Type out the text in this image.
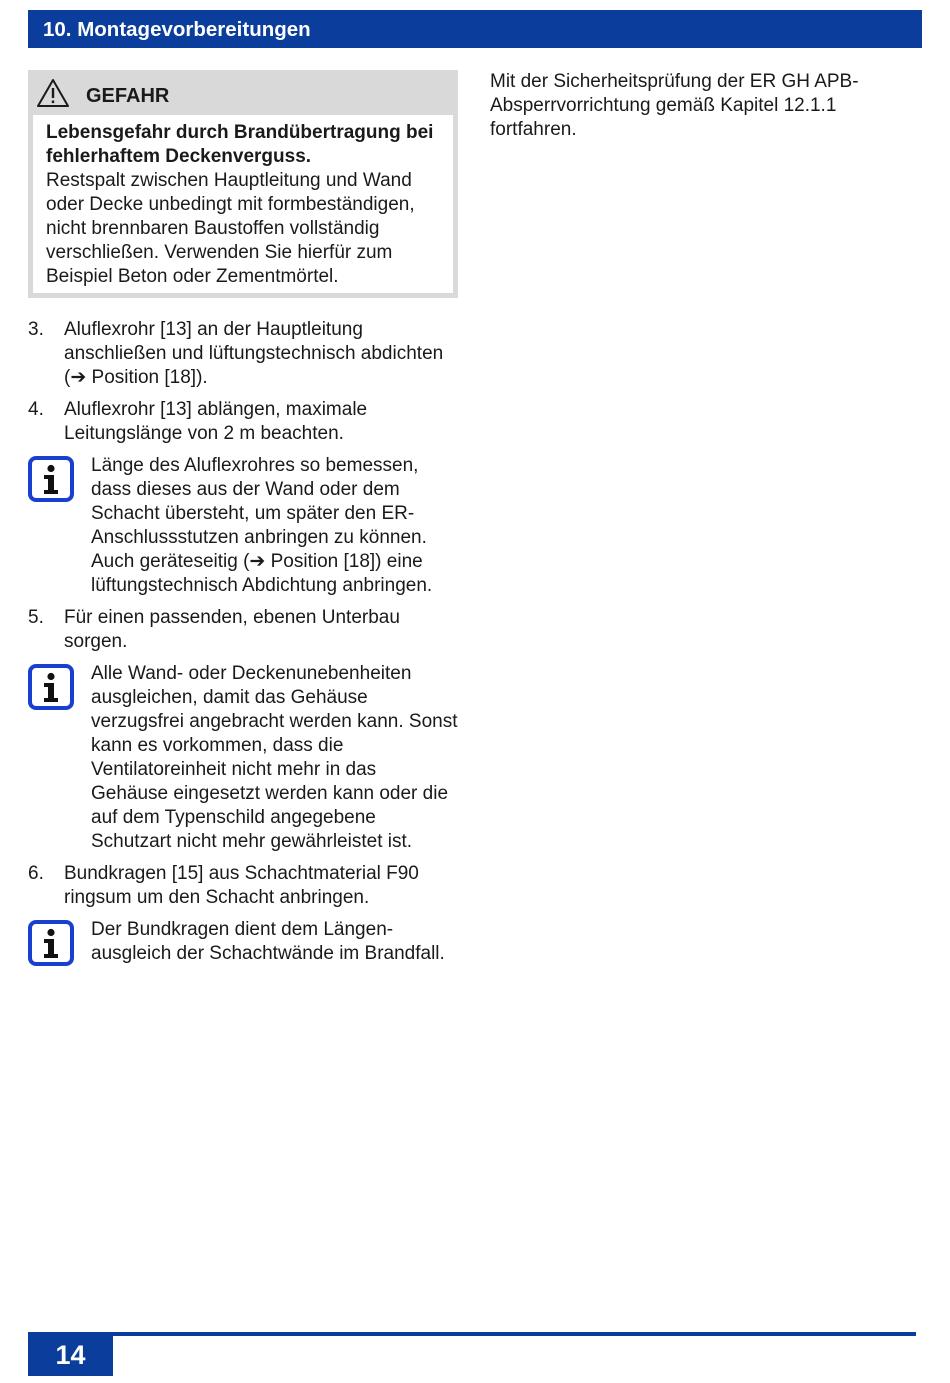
10. Montagevorbereitungen
GEFAHR
Lebensgefahr durch Brandübertragung bei fehlerhaftem Deckenverguss.
Restspalt zwischen Hauptleitung und Wand oder Decke unbedingt mit formbeständigen, nicht brennbaren Baustoffen vollständig verschließen. Verwenden Sie hierfür zum Beispiel Beton oder Zementmörtel.
3. Aluflexrohr [13] an der Hauptleitung anschließen und lüftungstechnisch abdichten (➔ Position [18]).
4. Aluflexrohr [13] ablängen, maximale Leitungslänge von 2 m beachten.
Länge des Aluflexrohres so bemessen, dass dieses aus der Wand oder dem Schacht übersteht, um später den ER-Anschlussstutzen anbringen zu können. Auch geräteseitig (➔ Position [18]) eine lüftungstechnisch Abdichtung anbringen.
5. Für einen passenden, ebenen Unterbau sorgen.
Alle Wand- oder Deckenunebenheiten ausgleichen, damit das Gehäuse verzugsfrei angebracht werden kann. Sonst kann es vorkommen, dass die Ventilatoreinheit nicht mehr in das Gehäuse eingesetzt werden kann oder die auf dem Typenschild angegebene Schutzart nicht mehr gewährleistet ist.
6. Bundkragen [15] aus Schachtmaterial F90 ringsum um den Schacht anbringen.
Der Bundkragen dient dem Längenausgleich der Schachtwände im Brandfall.
Mit der Sicherheitsprüfung der ER GH APB-Absperrvorrichtung gemäß Kapitel 12.1.1 fortfahren.
14
